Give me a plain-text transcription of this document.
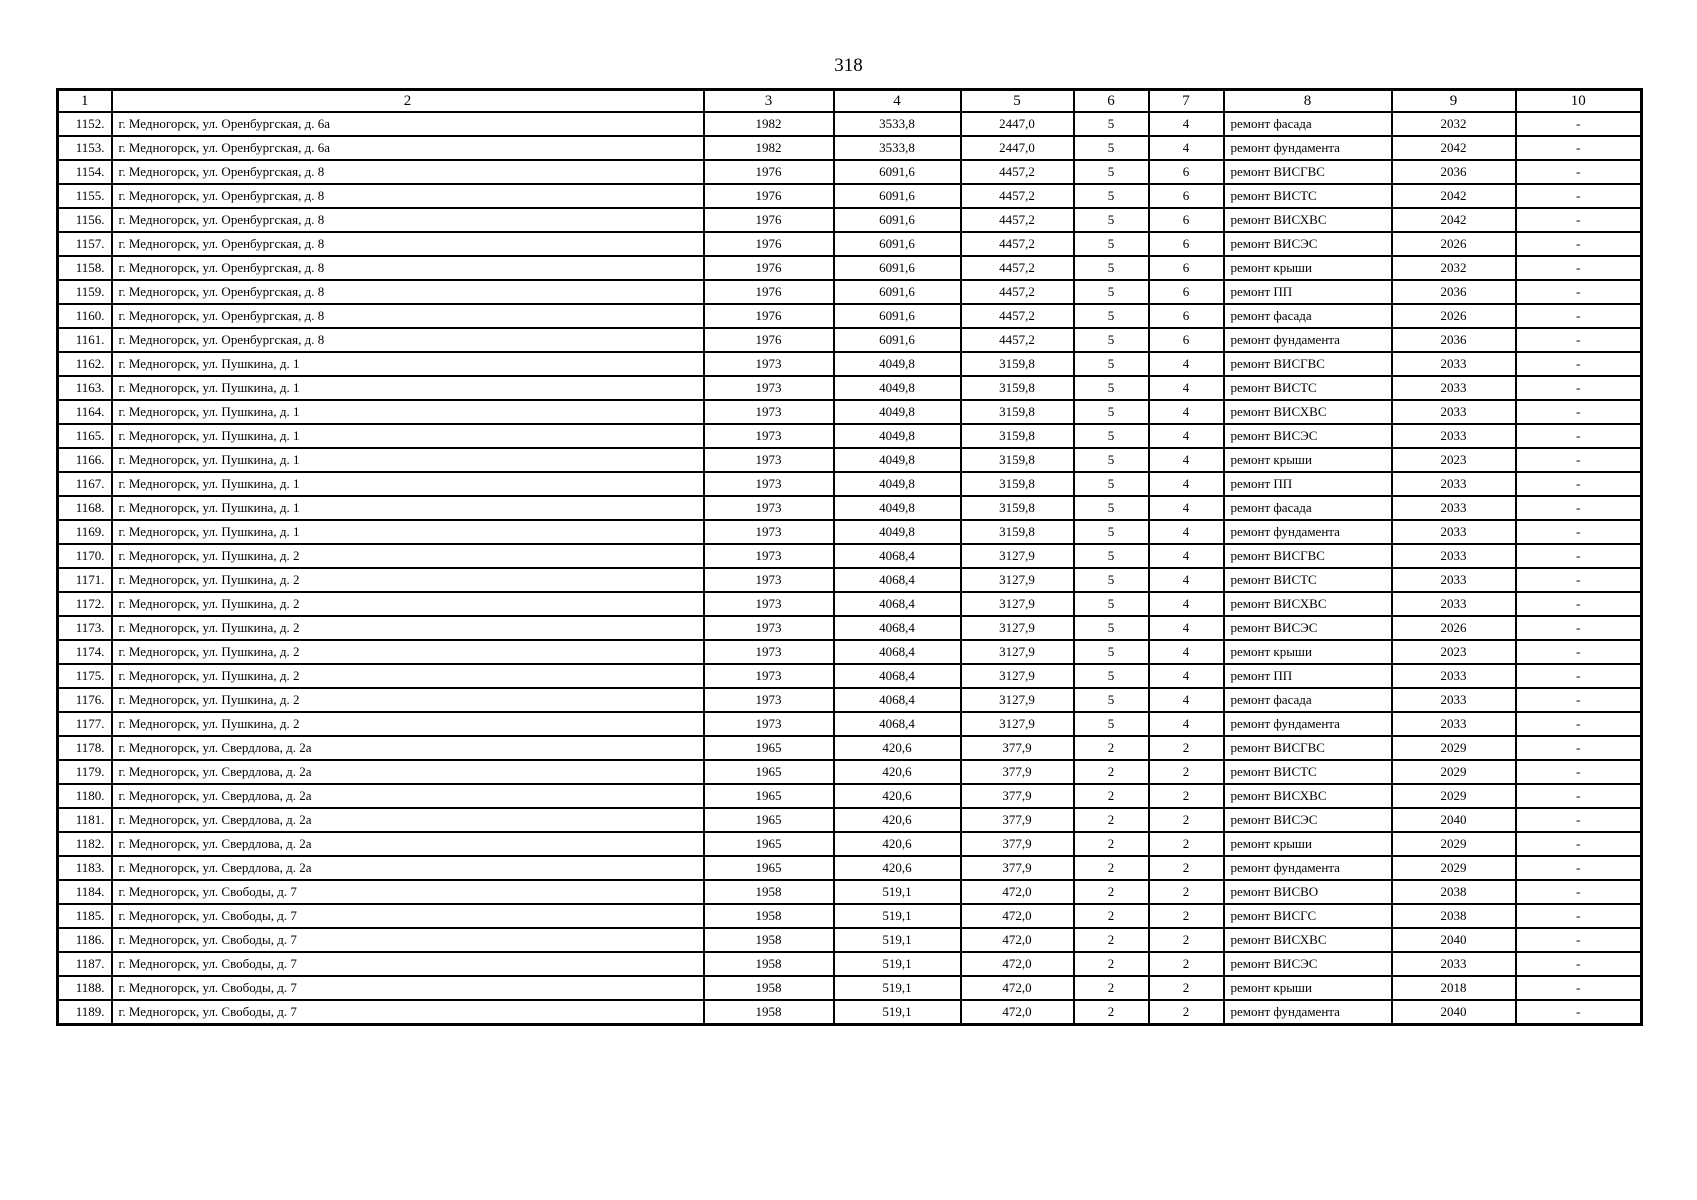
318
1	2	3	4	5	6	7	8	9	10
1152.	г. Медногорск, ул. Оренбургская, д. 6а	1982	3533,8	2447,0	5	4	ремонт фасада	2032	-
1153.	г. Медногорск, ул. Оренбургская, д. 6а	1982	3533,8	2447,0	5	4	ремонт фундамента	2042	-
1154.	г. Медногорск, ул. Оренбургская, д. 8	1976	6091,6	4457,2	5	6	ремонт ВИСГВС	2036	-
1155.	г. Медногорск, ул. Оренбургская, д. 8	1976	6091,6	4457,2	5	6	ремонт ВИСТС	2042	-
1156.	г. Медногорск, ул. Оренбургская, д. 8	1976	6091,6	4457,2	5	6	ремонт ВИСХВС	2042	-
1157.	г. Медногорск, ул. Оренбургская, д. 8	1976	6091,6	4457,2	5	6	ремонт ВИСЭС	2026	-
1158.	г. Медногорск, ул. Оренбургская, д. 8	1976	6091,6	4457,2	5	6	ремонт крыши	2032	-
1159.	г. Медногорск, ул. Оренбургская, д. 8	1976	6091,6	4457,2	5	6	ремонт ПП	2036	-
1160.	г. Медногорск, ул. Оренбургская, д. 8	1976	6091,6	4457,2	5	6	ремонт фасада	2026	-
1161.	г. Медногорск, ул. Оренбургская, д. 8	1976	6091,6	4457,2	5	6	ремонт фундамента	2036	-
1162.	г. Медногорск, ул. Пушкина, д. 1	1973	4049,8	3159,8	5	4	ремонт ВИСГВС	2033	-
1163.	г. Медногорск, ул. Пушкина, д. 1	1973	4049,8	3159,8	5	4	ремонт ВИСТС	2033	-
1164.	г. Медногорск, ул. Пушкина, д. 1	1973	4049,8	3159,8	5	4	ремонт ВИСХВС	2033	-
1165.	г. Медногорск, ул. Пушкина, д. 1	1973	4049,8	3159,8	5	4	ремонт ВИСЭС	2033	-
1166.	г. Медногорск, ул. Пушкина, д. 1	1973	4049,8	3159,8	5	4	ремонт крыши	2023	-
1167.	г. Медногорск, ул. Пушкина, д. 1	1973	4049,8	3159,8	5	4	ремонт ПП	2033	-
1168.	г. Медногорск, ул. Пушкина, д. 1	1973	4049,8	3159,8	5	4	ремонт фасада	2033	-
1169.	г. Медногорск, ул. Пушкина, д. 1	1973	4049,8	3159,8	5	4	ремонт фундамента	2033	-
1170.	г. Медногорск, ул. Пушкина, д. 2	1973	4068,4	3127,9	5	4	ремонт ВИСГВС	2033	-
1171.	г. Медногорск, ул. Пушкина, д. 2	1973	4068,4	3127,9	5	4	ремонт ВИСТС	2033	-
1172.	г. Медногорск, ул. Пушкина, д. 2	1973	4068,4	3127,9	5	4	ремонт ВИСХВС	2033	-
1173.	г. Медногорск, ул. Пушкина, д. 2	1973	4068,4	3127,9	5	4	ремонт ВИСЭС	2026	-
1174.	г. Медногорск, ул. Пушкина, д. 2	1973	4068,4	3127,9	5	4	ремонт крыши	2023	-
1175.	г. Медногорск, ул. Пушкина, д. 2	1973	4068,4	3127,9	5	4	ремонт ПП	2033	-
1176.	г. Медногорск, ул. Пушкина, д. 2	1973	4068,4	3127,9	5	4	ремонт фасада	2033	-
1177.	г. Медногорск, ул. Пушкина, д. 2	1973	4068,4	3127,9	5	4	ремонт фундамента	2033	-
1178.	г. Медногорск, ул. Свердлова, д. 2а	1965	420,6	377,9	2	2	ремонт ВИСГВС	2029	-
1179.	г. Медногорск, ул. Свердлова, д. 2а	1965	420,6	377,9	2	2	ремонт ВИСТС	2029	-
1180.	г. Медногорск, ул. Свердлова, д. 2а	1965	420,6	377,9	2	2	ремонт ВИСХВС	2029	-
1181.	г. Медногорск, ул. Свердлова, д. 2а	1965	420,6	377,9	2	2	ремонт ВИСЭС	2040	-
1182.	г. Медногорск, ул. Свердлова, д. 2а	1965	420,6	377,9	2	2	ремонт крыши	2029	-
1183.	г. Медногорск, ул. Свердлова, д. 2а	1965	420,6	377,9	2	2	ремонт фундамента	2029	-
1184.	г. Медногорск, ул. Свободы, д. 7	1958	519,1	472,0	2	2	ремонт ВИСВО	2038	-
1185.	г. Медногорск, ул. Свободы, д. 7	1958	519,1	472,0	2	2	ремонт ВИСГС	2038	-
1186.	г. Медногорск, ул. Свободы, д. 7	1958	519,1	472,0	2	2	ремонт ВИСХВС	2040	-
1187.	г. Медногорск, ул. Свободы, д. 7	1958	519,1	472,0	2	2	ремонт ВИСЭС	2033	-
1188.	г. Медногорск, ул. Свободы, д. 7	1958	519,1	472,0	2	2	ремонт крыши	2018	-
1189.	г. Медногорск, ул. Свободы, д. 7	1958	519,1	472,0	2	2	ремонт фундамента	2040	-
